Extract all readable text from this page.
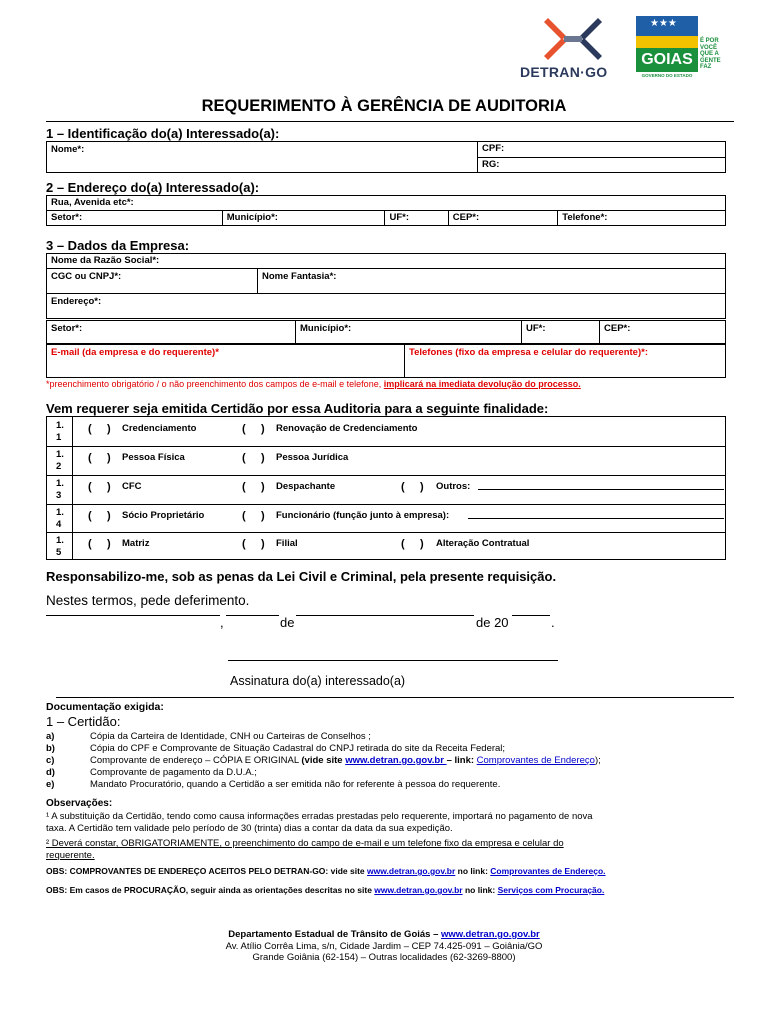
DETRAN·GO
★★★
GOIAS
É POR
VOCÊ
QUE A
GENTE
FAZ
GOVERNO DO ESTADO
REQUERIMENTO À GERÊNCIA DE AUDITORIA
1 – Identificação do(a) Interessado(a):
Nome*:	CPF:
RG:
2 – Endereço do(a) Interessado(a):
Rua, Avenida etc*:
Setor*:	Município*:	UF*:	CEP*:	Telefone*:
3 – Dados da Empresa:
Nome da Razão Social*:
CGC ou CNPJ*:	Nome Fantasia*:
Endereço*:
Setor*:	Município*:	UF*:	CEP*:
E-mail (da empresa e do requerente)*	Telefones (fixo da empresa e celular do requerente)*:
*preenchimento obrigatório / o não preenchimento dos campos de e-mail e telefone, implicará na imediata devolução do processo.
Vem requerer seja emitida Certidão por essa Auditoria para a seguinte finalidade:
1.
1
(     ) Credenciamento	(     ) Renovação de Credenciamento
1.
2
(     ) Pessoa Física	(     ) Pessoa Jurídica
1.
3
(     ) CFC	(     ) Despachante	(     ) Outros:
1.
4
(     ) Sócio Proprietário	(     ) Funcionário (função junto à empresa):
1.
5
(     ) Matriz	(     ) Filial	(     ) Alteração Contratual
Responsabilizo-me, sob as penas da Lei Civil e Criminal, pela presente requisição.
Nestes termos, pede deferimento.
,	de	de 20	.
Assinatura do(a) interessado(a)
Documentação exigida:
1 – Certidão:
a)	Cópia da Carteira de Identidade, CNH ou Carteiras de Conselhos ;
b)	Cópia do CPF e Comprovante de Situação Cadastral do CNPJ retirada do site da Receita Federal;
c)	Comprovante de endereço – CÓPIA E ORIGINAL (vide site www.detran.go.gov.br – link: Comprovantes de Endereço);
d)	Comprovante de pagamento da D.U.A.;
e)	Mandato Procuratório, quando a Certidão a ser emitida não for referente à pessoa do requerente.
Observações:
¹ A substituição da Certidão, tendo como causa informações erradas prestadas pelo requerente, importará no pagamento de nova
taxa. A Certidão tem validade pelo período de 30 (trinta) dias a contar da data da sua expedição.
² Deverá constar, OBRIGATORIAMENTE, o preenchimento do campo de e-mail e um telefone fixo da empresa e celular do
requerente.
OBS: COMPROVANTES DE ENDEREÇO ACEITOS PELO DETRAN-GO: vide site www.detran.go.gov.br no link: Comprovantes de Endereço.
OBS: Em casos de PROCURAÇÃO, seguir ainda as orientações descritas no site www.detran.go.gov.br no link: Serviços com Procuração.
Departamento Estadual de Trânsito de Goiás – www.detran.go.gov.br
Av. Atílio Corrêa Lima, s/n, Cidade Jardim – CEP 74.425-091 – Goiânia/GO
Grande Goiânia (62-154) – Outras localidades (62-3269-8800)
